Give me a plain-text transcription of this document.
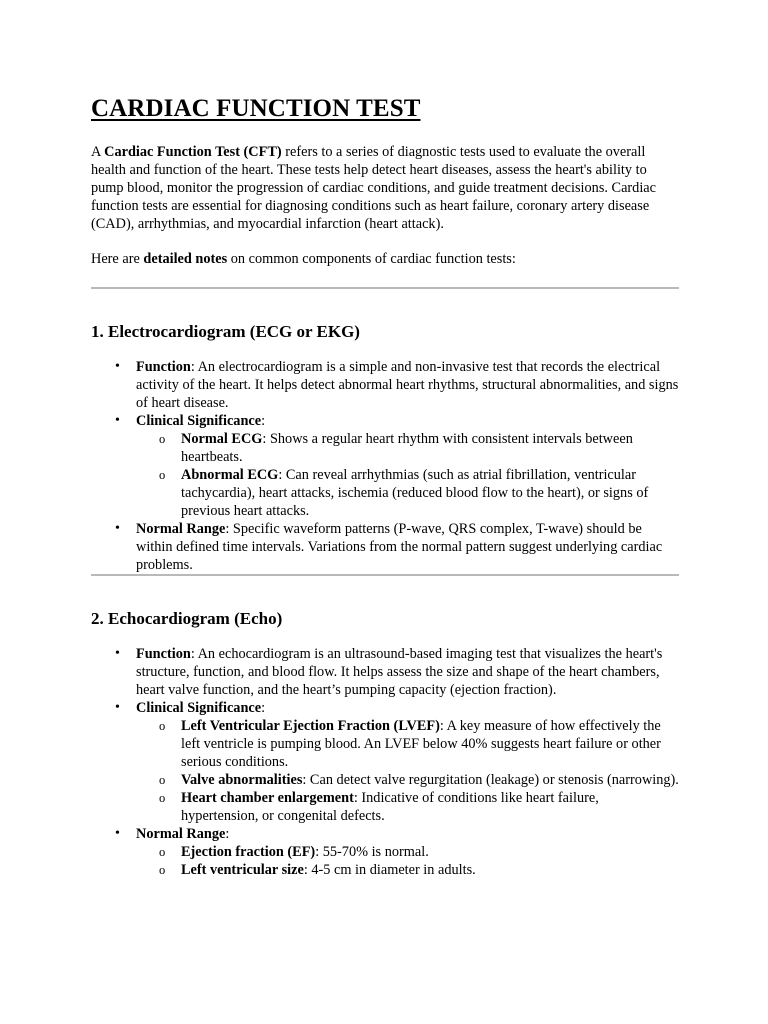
CARDIAC FUNCTION TEST

A Cardiac Function Test (CFT) refers to a series of diagnostic tests used to evaluate the overall health and function of the heart. These tests help detect heart diseases, assess the heart's ability to pump blood, monitor the progression of cardiac conditions, and guide treatment decisions. Cardiac function tests are essential for diagnosing conditions such as heart failure, coronary artery disease (CAD), arrhythmias, and myocardial infarction (heart attack).

Here are detailed notes on common components of cardiac function tests:

1. Electrocardiogram (ECG or EKG)
• Function: An electrocardiogram is a simple and non-invasive test that records the electrical activity of the heart. It helps detect abnormal heart rhythms, structural abnormalities, and signs of heart disease.
• Clinical Significance:
o Normal ECG: Shows a regular heart rhythm with consistent intervals between heartbeats.
o Abnormal ECG: Can reveal arrhythmias (such as atrial fibrillation, ventricular tachycardia), heart attacks, ischemia (reduced blood flow to the heart), or signs of previous heart attacks.
• Normal Range: Specific waveform patterns (P-wave, QRS complex, T-wave) should be within defined time intervals. Variations from the normal pattern suggest underlying cardiac problems.
2. Echocardiogram (Echo)
• Function: An echocardiogram is an ultrasound-based imaging test that visualizes the heart's structure, function, and blood flow. It helps assess the size and shape of the heart chambers, heart valve function, and the heart’s pumping capacity (ejection fraction).
• Clinical Significance:
o Left Ventricular Ejection Fraction (LVEF): A key measure of how effectively the left ventricle is pumping blood. An LVEF below 40% suggests heart failure or other serious conditions.
o Valve abnormalities: Can detect valve regurgitation (leakage) or stenosis (narrowing).
o Heart chamber enlargement: Indicative of conditions like heart failure, hypertension, or congenital defects.
• Normal Range:
o Ejection fraction (EF): 55-70% is normal.
o Left ventricular size: 4-5 cm in diameter in adults.
